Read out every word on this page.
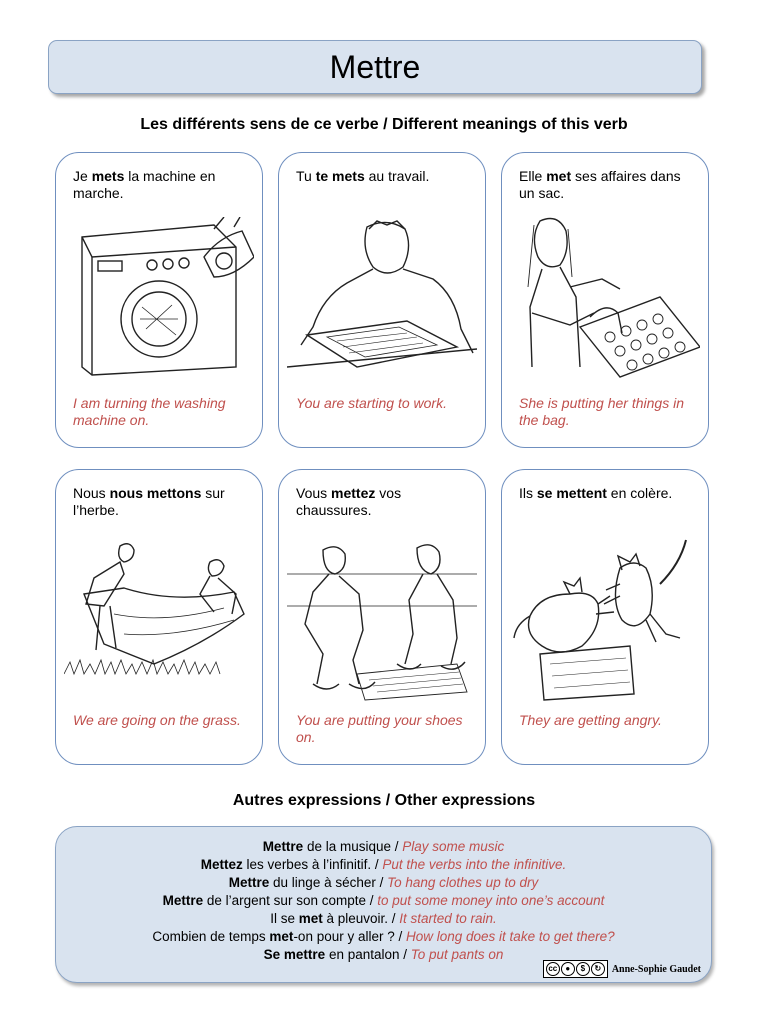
Mettre
Les différents sens de ce verbe / Different meanings of this verb
Je mets la machine en marche.
I am turning the washing machine on.
Tu te mets au travail.
You are starting to work.
Elle met ses affaires dans un sac.
She is putting her things in the bag.
Nous nous mettons sur l’herbe.
We are going on the grass.
Vous mettez vos chaussures.
You are putting your shoes on.
Ils se mettent en colère.
They are getting angry.
Autres expressions / Other expressions
Mettre de la musique / Play some music
Mettez les verbes à l’infinitif. / Put the verbs into the infinitive.
Mettre du linge à sécher / To hang clothes up to dry
Mettre de l’argent sur son compte / to put some money into one’s account
Il se met à pleuvoir. / It started to rain.
Combien de temps met-on pour y aller ? / How long does it take to get there?
Se mettre en pantalon / To put pants on
cc	●	$	↻	Anne-Sophie Gaudet
